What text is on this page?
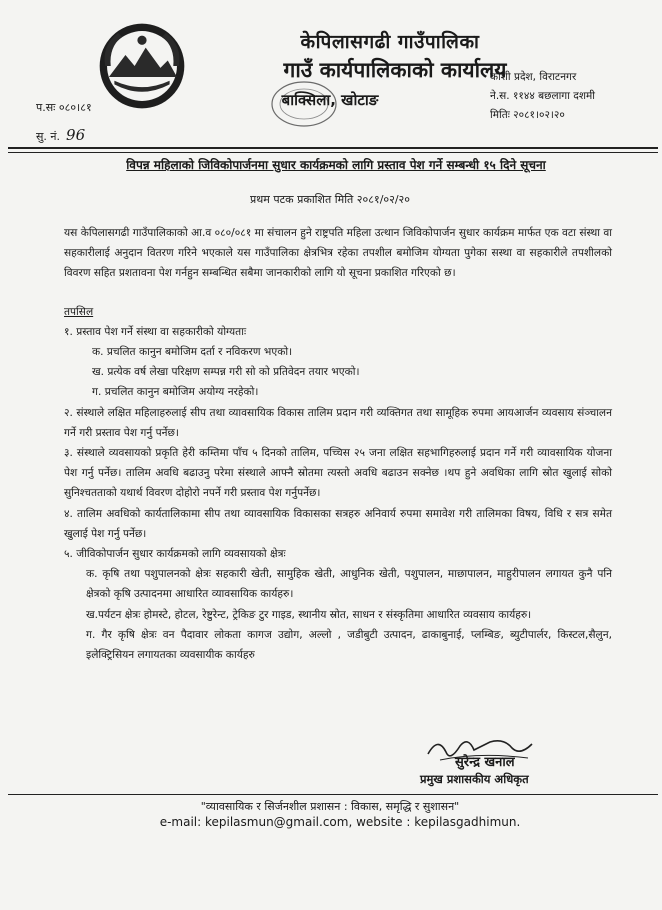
केपिलासगढी गाउँपालिका
गाउँ कार्यपालिकाको कार्यालय
बाक्सिला, खोटाङ
कोशी प्रदेश, विराटनगर
ने.स. ११४४ बछलागा दशमी
मितिः २०८१।०२।२०
प.सः ०८०।८१
सु. नं. 96
विपन्न महिलाको जिविकोपार्जनमा सुधार कार्यक्रमको लागि प्रस्ताव पेश गर्ने सम्बन्धी १५ दिने सूचना
प्रथम पटक प्रकाशित मिति २०८१/०२/२०

यस केपिलासगढी गाउँपालिकाको आ.व ०८०/०८१ मा संचालन हुने राष्ट्रपति महिला उत्थान जिविकोपार्जन सुधार कार्यक्रम मार्फत एक वटा संस्था वा सहकारीलाई अनुदान वितरण गरिने भएकाले यस गाउँपालिका क्षेत्रभित्र रहेका तपशील बमोजिम योग्यता पुगेका सस्था वा सहकारीले तपशीलको विवरण सहित प्रशतावना पेश गर्नहुन सम्बन्धित सबैमा जानकारीको लागि यो सूचना प्रकाशित गरिएको छ।

तपसिल

१. प्रस्ताव पेश गर्ने संस्था वा सहकारीको योग्यताः

क. प्रचलित कानुन बमोजिम दर्ता र नविकरण भएको।

ख. प्रत्येक वर्ष लेखा परिक्षण सम्पन्न गरी सो को प्रतिवेदन तयार भएको।

ग. प्रचलित कानुन बमोजिम अयोग्य नरहेको।

२. संस्थाले लक्षित महिलाहरुलाई सीप तथा व्यावसायिक विकास तालिम प्रदान गरी व्यक्तिगत तथा सामूहिक रुपमा आयआर्जन व्यवसाय संञ्चालन गर्ने गरी प्रस्ताव पेश गर्नु पर्नेछ।

३. संस्थाले व्यवसायको प्रकृति हेरी कम्तिमा पाँच ५ दिनको तालिम, पच्चिस २५ जना लक्षित सहभागिहरुलाई प्रदान गर्ने गरी व्यावसायिक योजना पेश गर्नु पर्नेछ। तालिम अवधि बढाउनु परेमा संस्थाले आफ्नै स्रोतमा त्यस्तो अवधि बढाउन सक्नेछ ।थप हुने अवधिका लागि स्रोत खुलाई सोको सुनिश्चतताको यथार्थ विवरण दोहोरो नपर्ने गरी प्रस्ताव पेश गर्नुपर्नेछ।

४. तालिम अवधिको कार्यतालिकामा सीप तथा व्यावसायिक विकासका सत्रहरु अनिवार्य रुपमा समावेश गरी तालिमका विषय, विधि र सत्र समेत खुलाई पेश गर्नु पर्नेछ।

५. जीविकोपार्जन सुधार कार्यक्रमको लागि व्यवसायको क्षेत्रः

क. कृषि तथा पशुपालनको क्षेत्रः सहकारी खेती, सामुहिक खेती, आधुनिक खेती, पशुपालन, माछापालन, माहुरीपालन लगायत कुनै पनि क्षेत्रको कृषि उत्पादनमा आधारित व्यावसायिक कार्यहरु।

ख.पर्यटन क्षेत्रः होमस्टे, होटल, रेष्टुरेन्ट, ट्रेकिङ टुर गाइड, स्थानीय स्रोत, साधन र संस्कृतिमा आधारित व्यवसाय कार्यहरु।

ग. गैर कृषि क्षेत्रः वन पैदावार लोकता कागज उद्योग, अल्लो , जडीबुटी उत्पादन, ढाकाबुनाई, प्लम्बिङ, ब्युटीपार्लर, किस्टल,सैलुन, इलेक्ट्रिसियन लगायतका व्यवसायीक कार्यहरु

सुरेन्द्र खनाल
प्रमुख प्रशासकीय अधिकृत
"व्यावसायिक र सिर्जनशील प्रशासन : विकास, समृद्धि र सुशासन"
e-mail: kepilasmun@gmail.com, website : kepilasgadhimun.
